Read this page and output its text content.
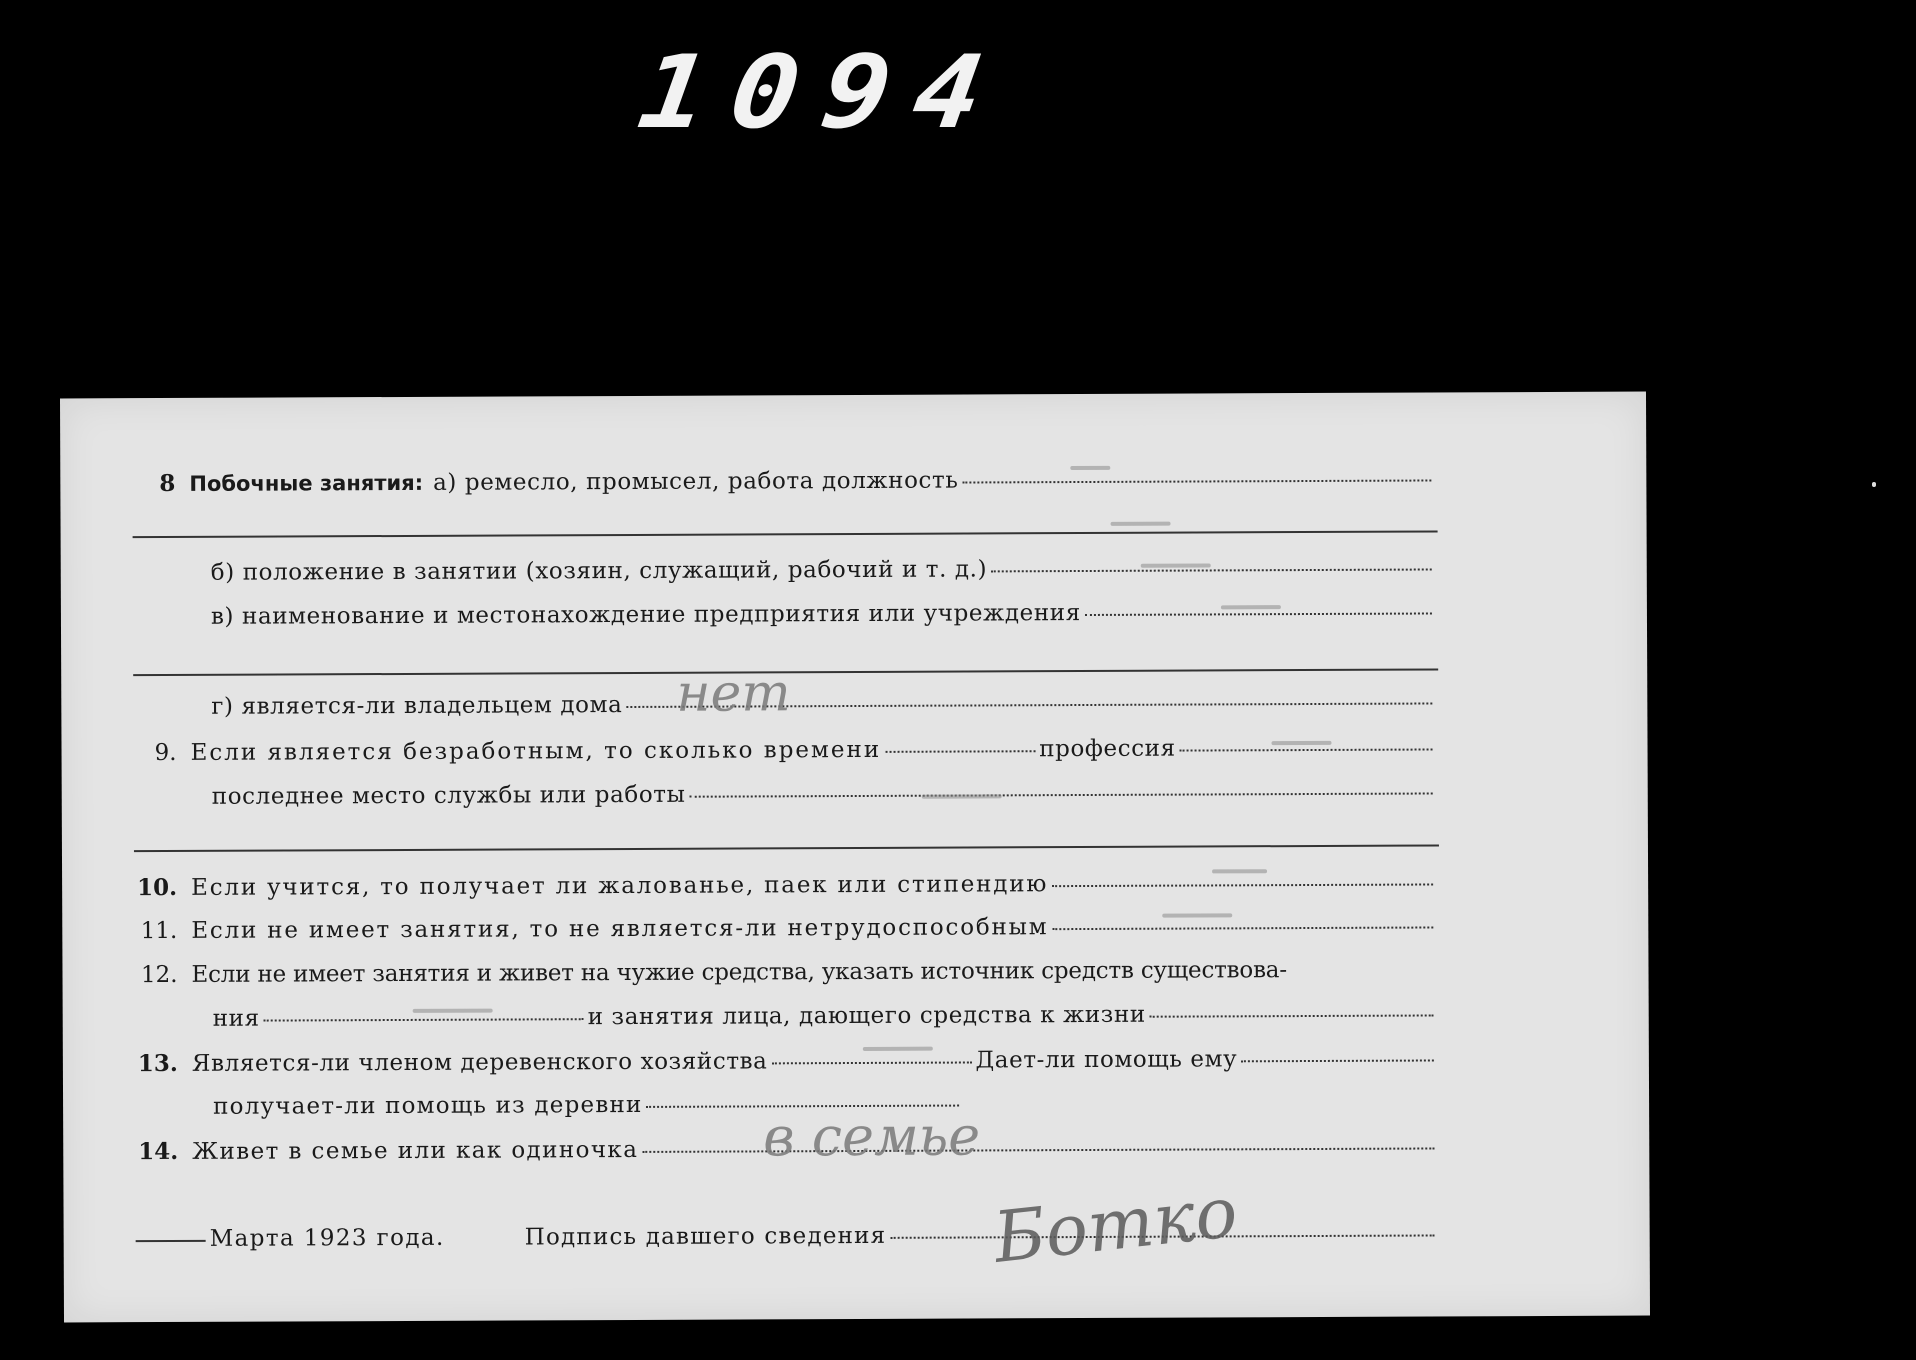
1094
8 Побочные занятия: а) ремесло, промысел, работа должность
б) положение в занятии (хозяин, служащий, рабочий и т. д.)
в) наименование и местонахождение предприятия или учреждения
г) является-ли владельцем дома нет
9. Если является безработным, то сколько времени	профессия
последнее место службы или работы
10. Если учится, то получает ли жалованье, паек или стипендию
11. Если не имеет занятия, то не является-ли нетрудоспособным
12. Если не имеет занятия и живет на чужие средства, указать источник средств существова-
ния	и занятия лица, дающего средства к жизни
13. Является-ли членом деревенского хозяйства	Дает-ли помощь ему
получает-ли помощь из деревни
14. Живет в семье или как одиночка в семье
Марта 1923 года.	Подпись давшего сведения Ботко
